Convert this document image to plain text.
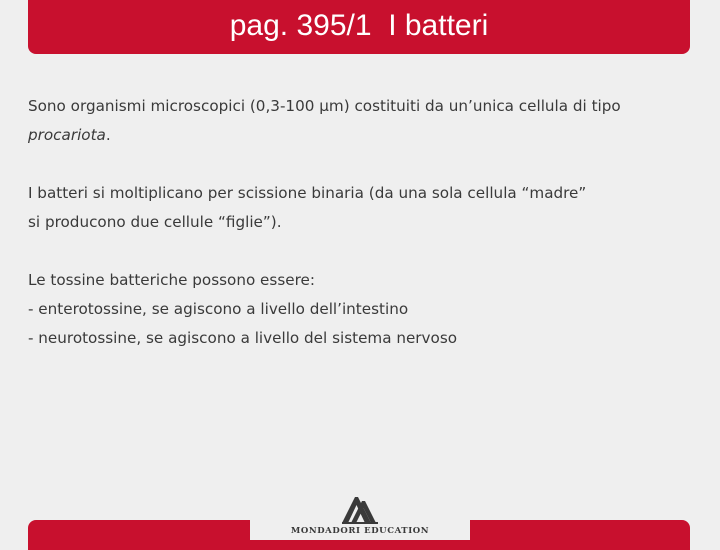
pag. 395/1  I batteri

Sono organismi microscopici (0,3-100 µm) costituiti da un’unica cellula di tipo
procariota.

I batteri si moltiplicano per scissione binaria (da una sola cellula “madre”
si producono due cellule “figlie”).

Le tossine batteriche possono essere:
- enterotossine, se agiscono a livello dell’intestino
- neurotossine, se agiscono a livello del sistema nervoso

MONDADORI EDUCATION
